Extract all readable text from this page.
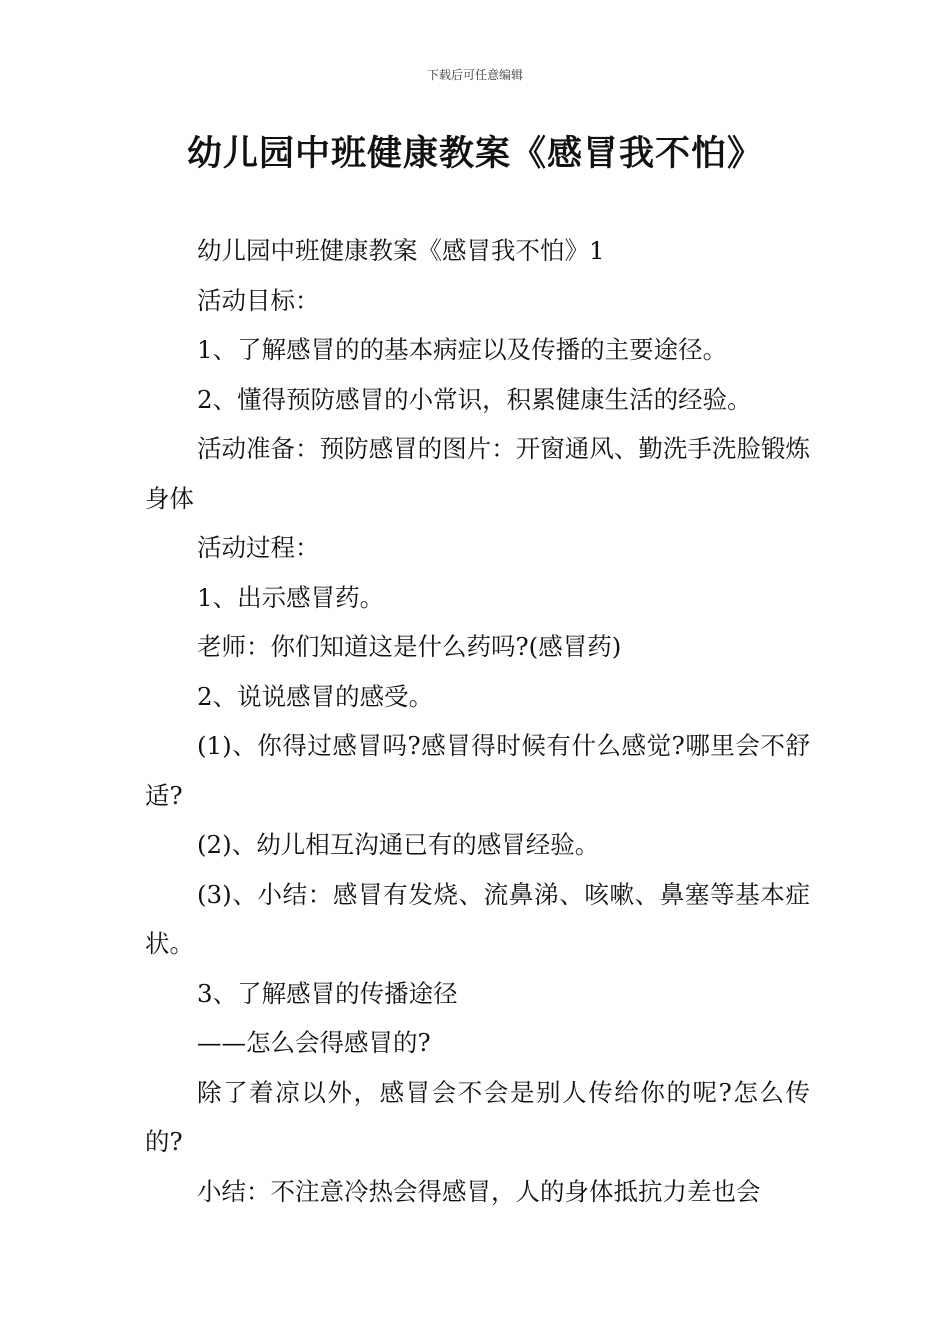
下载后可任意编辑
幼儿园中班健康教案《感冒我不怕》

幼儿园中班健康教案《感冒我不怕》1

活动目标：

1、了解感冒的的基本病症以及传播的主要途径。

2、懂得预防感冒的小常识，积累健康生活的经验。

活动准备：预防感冒的图片：开窗通风、勤洗手洗脸锻炼身体

活动过程：

1、出示感冒药。

老师：你们知道这是什么药吗?(感冒药)

2、说说感冒的感受。

(1)、你得过感冒吗?感冒得时候有什么感觉?哪里会不舒适?

(2)、幼儿相互沟通已有的感冒经验。

(3)、小结：感冒有发烧、流鼻涕、咳嗽、鼻塞等基本症状。

3、了解感冒的传播途径

——怎么会得感冒的?

除了着凉以外，感冒会不会是别人传给你的呢?怎么传的?

小结：不注意冷热会得感冒，人的身体抵抗力差也会
